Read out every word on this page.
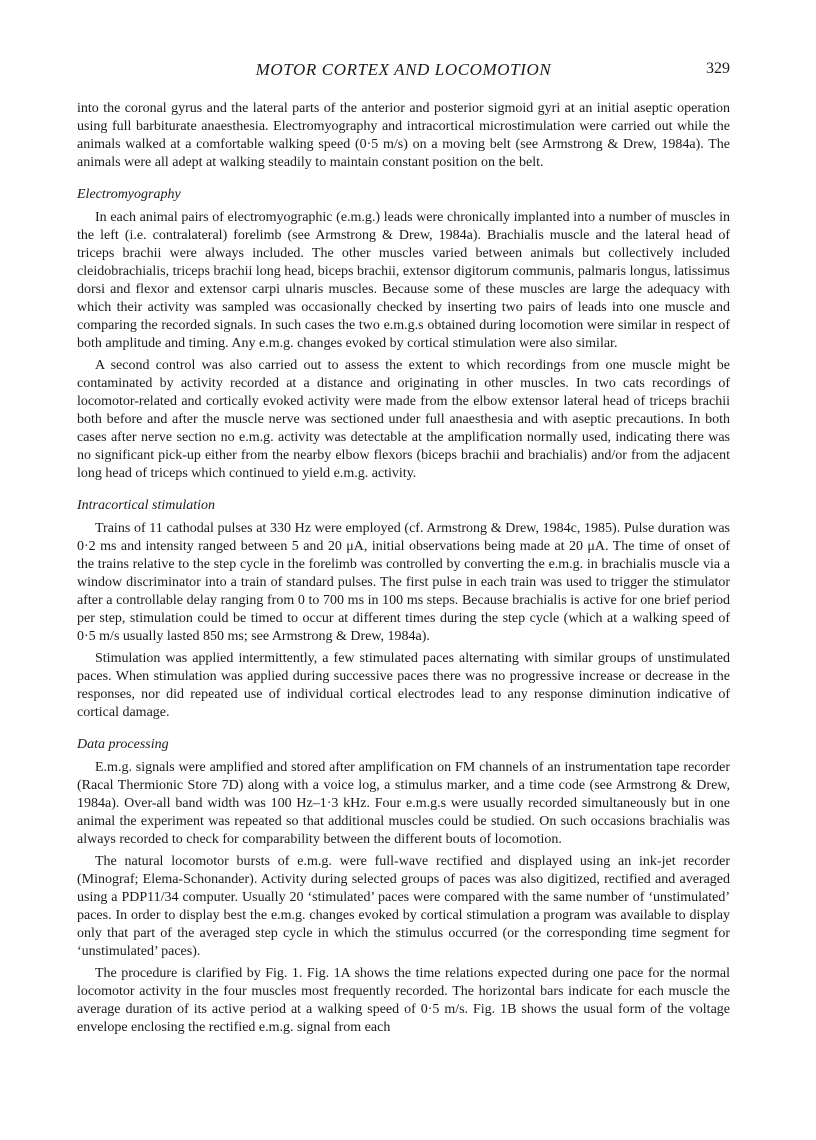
MOTOR CORTEX AND LOCOMOTION	329

into the coronal gyrus and the lateral parts of the anterior and posterior sigmoid gyri at an initial aseptic operation using full barbiturate anaesthesia. Electromyography and intracortical microstimulation were carried out while the animals walked at a comfortable walking speed (0·5 m/s) on a moving belt (see Armstrong & Drew, 1984a). The animals were all adept at walking steadily to maintain constant position on the belt.

Electromyography

In each animal pairs of electromyographic (e.m.g.) leads were chronically implanted into a number of muscles in the left (i.e. contralateral) forelimb (see Armstrong & Drew, 1984a). Brachialis muscle and the lateral head of triceps brachii were always included. The other muscles varied between animals but collectively included cleidobrachialis, triceps brachii long head, biceps brachii, extensor digitorum communis, palmaris longus, latissimus dorsi and flexor and extensor carpi ulnaris muscles. Because some of these muscles are large the adequacy with which their activity was sampled was occasionally checked by inserting two pairs of leads into one muscle and comparing the recorded signals. In such cases the two e.m.g.s obtained during locomotion were similar in respect of both amplitude and timing. Any e.m.g. changes evoked by cortical stimulation were also similar.

A second control was also carried out to assess the extent to which recordings from one muscle might be contaminated by activity recorded at a distance and originating in other muscles. In two cats recordings of locomotor-related and cortically evoked activity were made from the elbow extensor lateral head of triceps brachii both before and after the muscle nerve was sectioned under full anaesthesia and with aseptic precautions. In both cases after nerve section no e.m.g. activity was detectable at the amplification normally used, indicating there was no significant pick-up either from the nearby elbow flexors (biceps brachii and brachialis) and/or from the adjacent long head of triceps which continued to yield e.m.g. activity.

Intracortical stimulation

Trains of 11 cathodal pulses at 330 Hz were employed (cf. Armstrong & Drew, 1984c, 1985). Pulse duration was 0·2 ms and intensity ranged between 5 and 20 μA, initial observations being made at 20 μA. The time of onset of the trains relative to the step cycle in the forelimb was controlled by converting the e.m.g. in brachialis muscle via a window discriminator into a train of standard pulses. The first pulse in each train was used to trigger the stimulator after a controllable delay ranging from 0 to 700 ms in 100 ms steps. Because brachialis is active for one brief period per step, stimulation could be timed to occur at different times during the step cycle (which at a walking speed of 0·5 m/s usually lasted 850 ms; see Armstrong & Drew, 1984a).

Stimulation was applied intermittently, a few stimulated paces alternating with similar groups of unstimulated paces. When stimulation was applied during successive paces there was no progressive increase or decrease in the responses, nor did repeated use of individual cortical electrodes lead to any response diminution indicative of cortical damage.

Data processing

E.m.g. signals were amplified and stored after amplification on FM channels of an instrumentation tape recorder (Racal Thermionic Store 7D) along with a voice log, a stimulus marker, and a time code (see Armstrong & Drew, 1984a). Over-all band width was 100 Hz–1·3 kHz. Four e.m.g.s were usually recorded simultaneously but in one animal the experiment was repeated so that additional muscles could be studied. On such occasions brachialis was always recorded to check for comparability between the different bouts of locomotion.

The natural locomotor bursts of e.m.g. were full-wave rectified and displayed using an ink-jet recorder (Minograf; Elema-Schonander). Activity during selected groups of paces was also digitized, rectified and averaged using a PDP11/34 computer. Usually 20 ‘stimulated’ paces were compared with the same number of ‘unstimulated’ paces. In order to display best the e.m.g. changes evoked by cortical stimulation a program was available to display only that part of the averaged step cycle in which the stimulus occurred (or the corresponding time segment for ‘unstimulated’ paces).

The procedure is clarified by Fig. 1. Fig. 1A shows the time relations expected during one pace for the normal locomotor activity in the four muscles most frequently recorded. The horizontal bars indicate for each muscle the average duration of its active period at a walking speed of 0·5 m/s. Fig. 1B shows the usual form of the voltage envelope enclosing the rectified e.m.g. signal from each
